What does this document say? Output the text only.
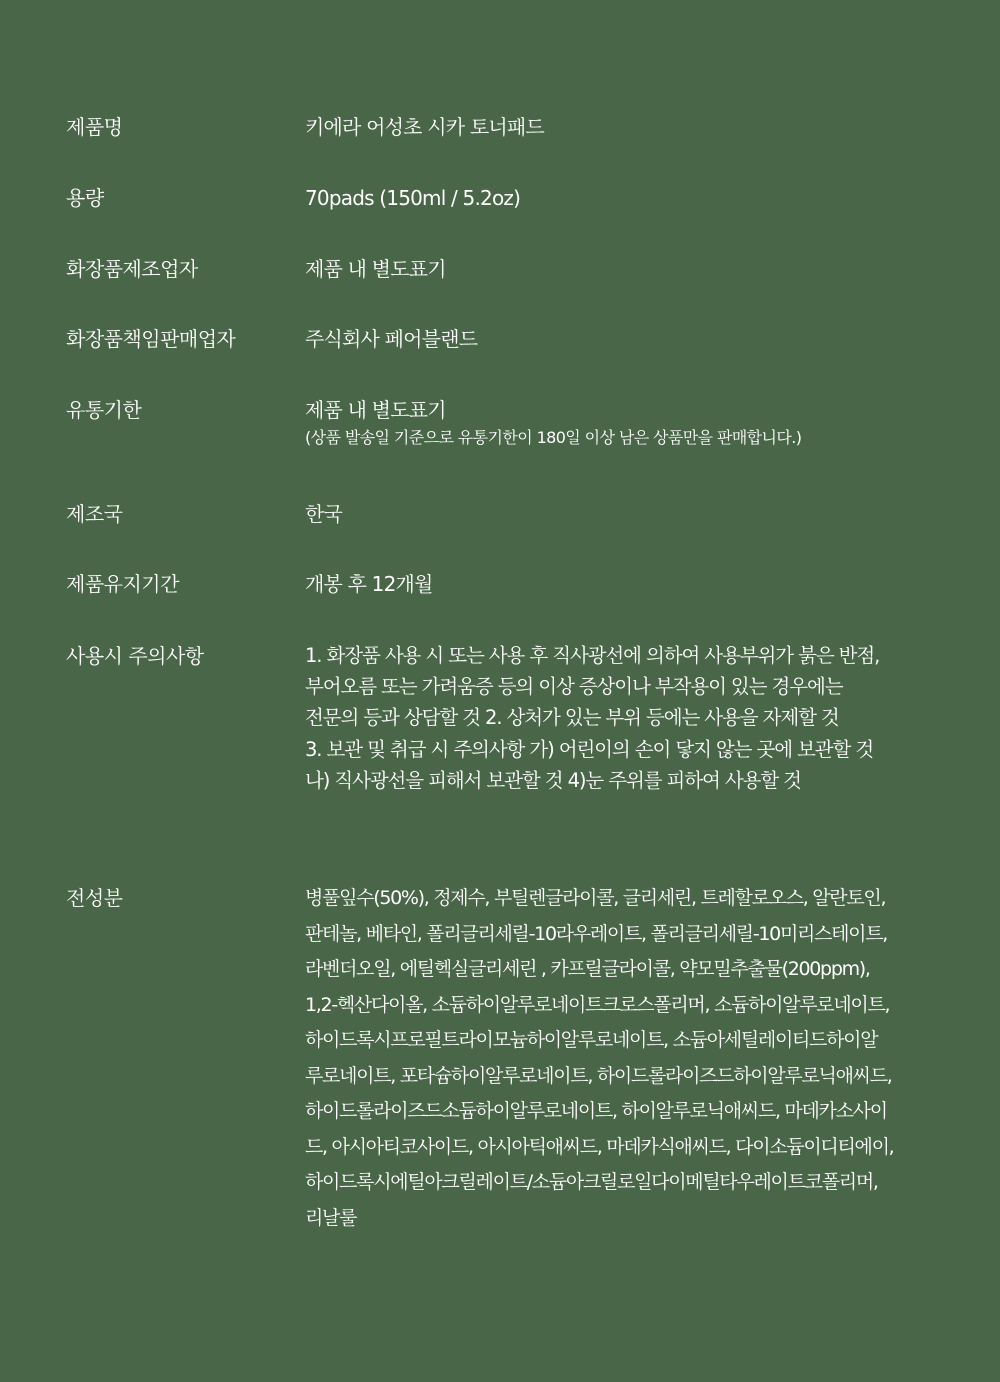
제품명	키에라 어성초 시카 토너패드
용량	70pads (150ml / 5.2oz)
화장품제조업자	제품 내 별도표기
화장품책임판매업자	주식회사 페어블랜드
유통기한	제품 내 별도표기
(상품 발송일 기준으로 유통기한이 180일 이상 남은 상품만을 판매합니다.)
제조국	한국
제품유지기간	개봉 후 12개월
사용시 주의사항	1. 화장품 사용 시 또는 사용 후 직사광선에 의하여 사용부위가 붉은 반점,
부어오름 또는 가려움증 등의 이상 증상이나 부작용이 있는 경우에는
전문의 등과 상담할 것 2. 상처가 있는 부위 등에는 사용을 자제할 것
3. 보관 및 취급 시 주의사항 가) 어린이의 손이 닿지 않는 곳에 보관할 것
나) 직사광선을 피해서 보관할 것 4)눈 주위를 피하여 사용할 것
전성분	병풀잎수(50%), 정제수, 부틸렌글라이콜, 글리세린, 트레할로오스, 알란토인,
판테놀, 베타인, 폴리글리세릴-10라우레이트, 폴리글리세릴-10미리스테이트,
라벤더오일, 에틸헥실글리세린 , 카프릴글라이콜, 약모밀추출물(200ppm),
1,2-헥산다이올, 소듐하이알루로네이트크로스폴리머, 소듐하이알루로네이트,
하이드록시프로필트라이모늄하이알루로네이트, 소듐아세틸레이티드하이알
루로네이트, 포타슘하이알루로네이트, 하이드롤라이즈드하이알루로닉애씨드,
하이드롤라이즈드소듐하이알루로네이트, 하이알루로닉애씨드, 마데카소사이
드, 아시아티코사이드, 아시아틱애씨드, 마데카식애씨드, 다이소듐이디티에이,
하이드록시에틸아크릴레이트/소듐아크릴로일다이메틸타우레이트코폴리머,
리날룰
